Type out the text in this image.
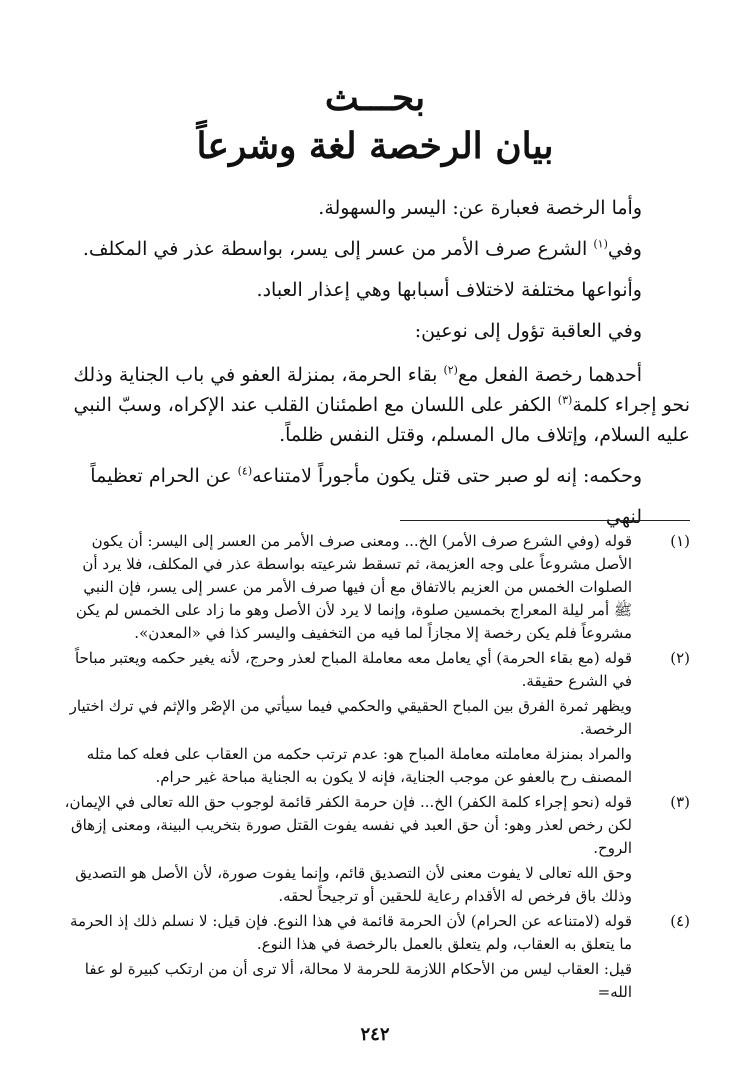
بحـــث
بيان الرخصة لغة وشرعاً

وأما الرخصة فعبارة عن: اليسر والسهولة.

وفي$^{(١)}$ الشرع صرف الأمر من عسر إلى يسر، بواسطة عذر في المكلف.

وأنواعها مختلفة لاختلاف أسبابها وهي إعذار العباد.

وفي العاقبة تؤول إلى نوعين:

أحدهما رخصة الفعل مع$^{(٢)}$ بقاء الحرمة، بمنزلة العفو في باب الجناية وذلك نحو إجراء كلمة$^{(٣)}$ الكفر على اللسان مع اطمئنان القلب عند الإكراه، وسبّ النبي عليه السلام، وإتلاف مال المسلم، وقتل النفس ظلماً.

وحكمه: إنه لو صبر حتى قتل يكون مأجوراً لامتناعه$^{(٤)}$ عن الحرام تعظيماً لنهي

(١)

قوله (وفي الشرع صرف الأمر) الخ... ومعنى صرف الأمر من العسر إلى اليسر: أن يكون الأصل مشروعاً على وجه العزيمة، ثم تسقط شرعيته بواسطة عذر في المكلف، فلا يرد أن الصلوات الخمس من العزيم بالاتفاق مع أن فيها صرف الأمر من عسر إلى يسر، فإن النبي ﷺ أمر ليلة المعراج بخمسين صلوة، وإنما لا يرد لأن الأصل وهو ما زاد على الخمس لم يكن مشروعاً فلم يكن رخصة إلا مجازاً لما فيه من التخفيف واليسر كذا في «المعدن».

(٢)

قوله (مع بقاء الحرمة) أي يعامل معه معاملة المباح لعذر وحرج، لأنه يغير حكمه ويعتبر مباحاً في الشرع حقيقة.

ويظهر ثمرة الفرق بين المباح الحقيقي والحكمي فيما سيأتي من الإصْر والإثم في ترك اختيار الرخصة.

والمراد بمنزلة معاملته معاملة المباح هو: عدم ترتب حكمه من العقاب على فعله كما مثله المصنف رح بالعفو عن موجب الجناية، فإنه لا يكون به الجناية مباحة غير حرام.

(٣)

قوله (نحو إجراء كلمة الكفر) الخ... فإن حرمة الكفر قائمة لوجوب حق الله تعالى في الإيمان، لكن رخص لعذر وهو: أن حق العبد في نفسه يفوت القتل صورة بتخريب البينة، ومعنى إزهاق الروح.

وحق الله تعالى لا يفوت معنى لأن التصديق قائم، وإنما يفوت صورة، لأن الأصل هو التصديق وذلك باق فرخص له الأقدام رعاية للحقين أو ترجيحاً لحقه.

(٤)

قوله (لامتناعه عن الحرام) لأن الحرمة قائمة في هذا النوع. فإن قيل: لا نسلم ذلك إذ الحرمة ما يتعلق به العقاب، ولم يتعلق بالعمل بالرخصة في هذا النوع.

قيل: العقاب ليس من الأحكام اللازمة للحرمة لا محالة، ألا ترى أن من ارتكب كبيرة لو عفا الله=

٢٤٢
